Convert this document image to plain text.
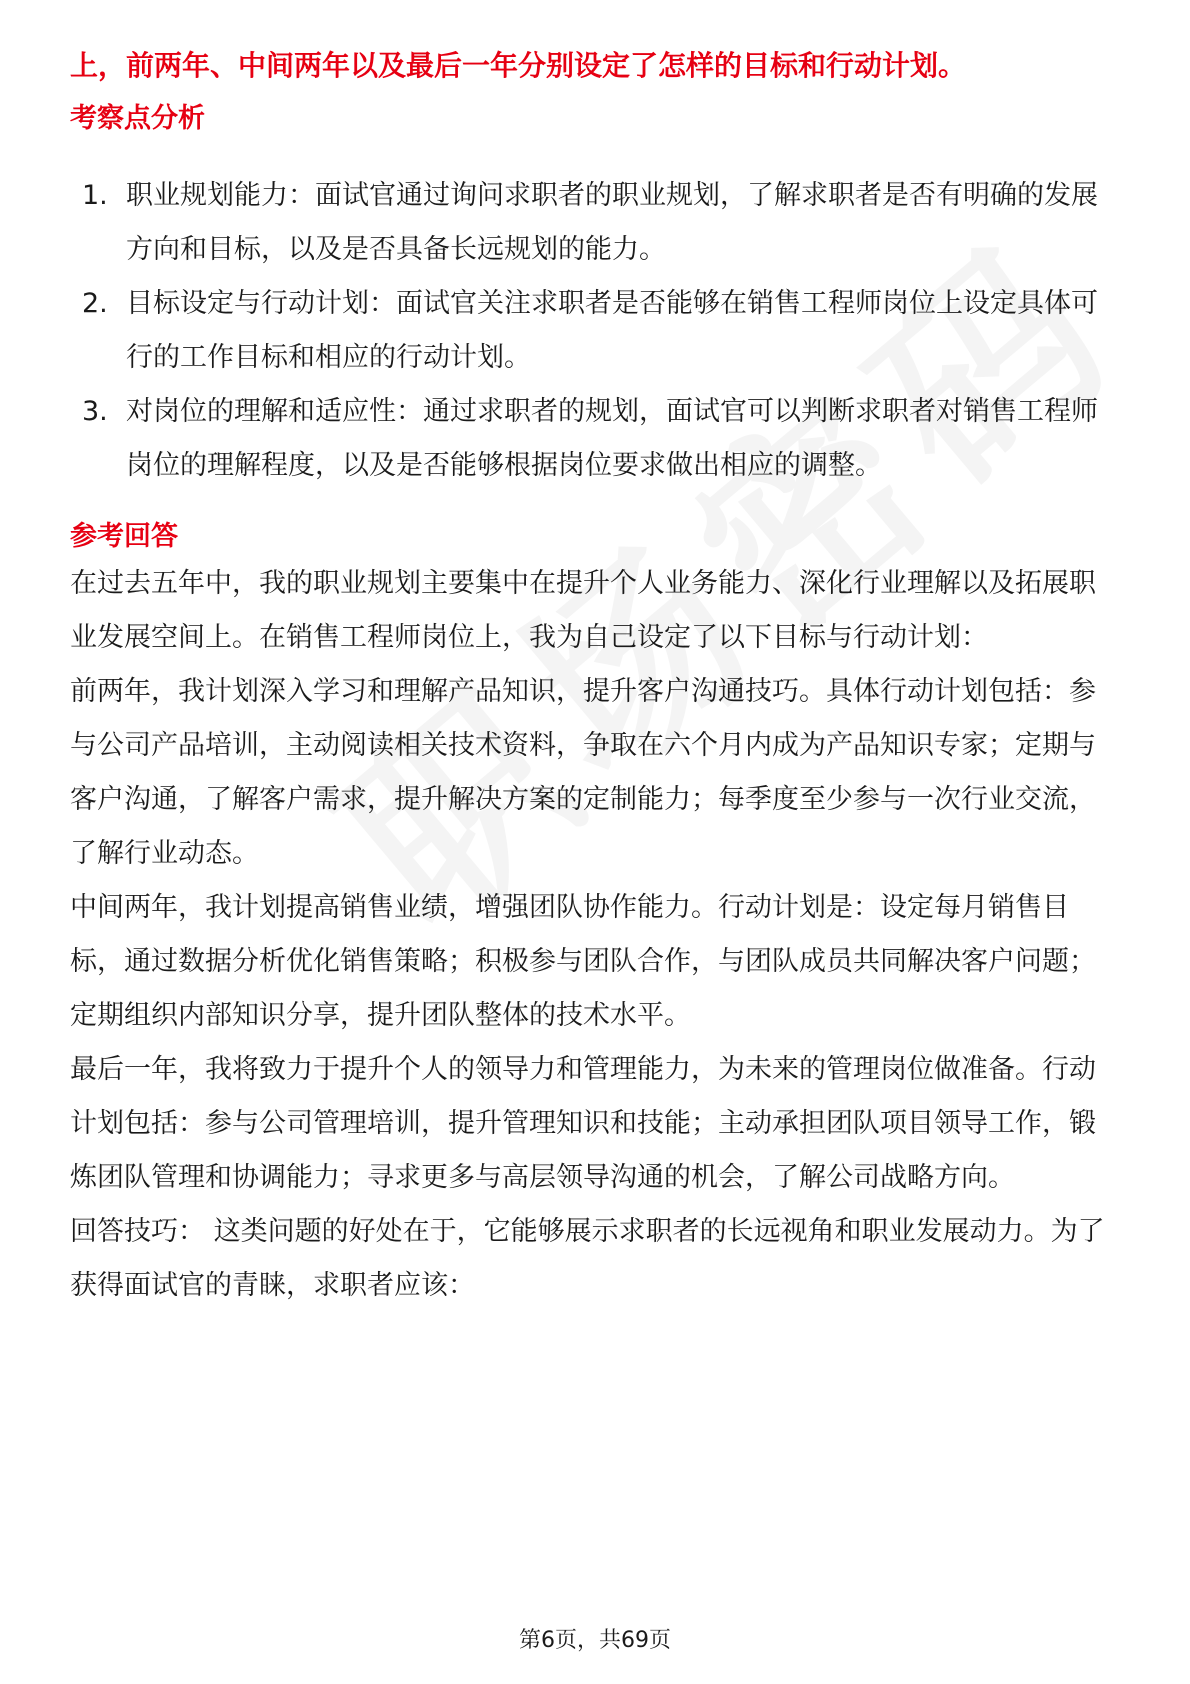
上，前两年、中间两年以及最后一年分别设定了怎样的目标和行动计划。

考察点分析
1. 职业规划能力：面试官通过询问求职者的职业规划，了解求职者是否有明确的发展方向和目标，以及是否具备长远规划的能力。
2. 目标设定与行动计划：面试官关注求职者是否能够在销售工程师岗位上设定具体可行的工作目标和相应的行动计划。
3. 对岗位的理解和适应性：通过求职者的规划，面试官可以判断求职者对销售工程师岗位的理解程度，以及是否能够根据岗位要求做出相应的调整。
参考回答

在过去五年中，我的职业规划主要集中在提升个人业务能力、深化行业理解以及拓展职业发展空间上。在销售工程师岗位上，我为自己设定了以下目标与行动计划：

前两年，我计划深入学习和理解产品知识，提升客户沟通技巧。具体行动计划包括：参与公司产品培训，主动阅读相关技术资料，争取在六个月内成为产品知识专家；定期与客户沟通，了解客户需求，提升解决方案的定制能力；每季度至少参与一次行业交流，了解行业动态。

中间两年，我计划提高销售业绩，增强团队协作能力。行动计划是：设定每月销售目标，通过数据分析优化销售策略；积极参与团队合作，与团队成员共同解决客户问题；定期组织内部知识分享，提升团队整体的技术水平。

最后一年，我将致力于提升个人的领导力和管理能力，为未来的管理岗位做准备。行动计划包括：参与公司管理培训，提升管理知识和技能；主动承担团队项目领导工作，锻炼团队管理和协调能力；寻求更多与高层领导沟通的机会，了解公司战略方向。

回答技巧： 这类问题的好处在于，它能够展示求职者的长远视角和职业发展动力。为了获得面试官的青睐，求职者应该：

第6页，共69页
